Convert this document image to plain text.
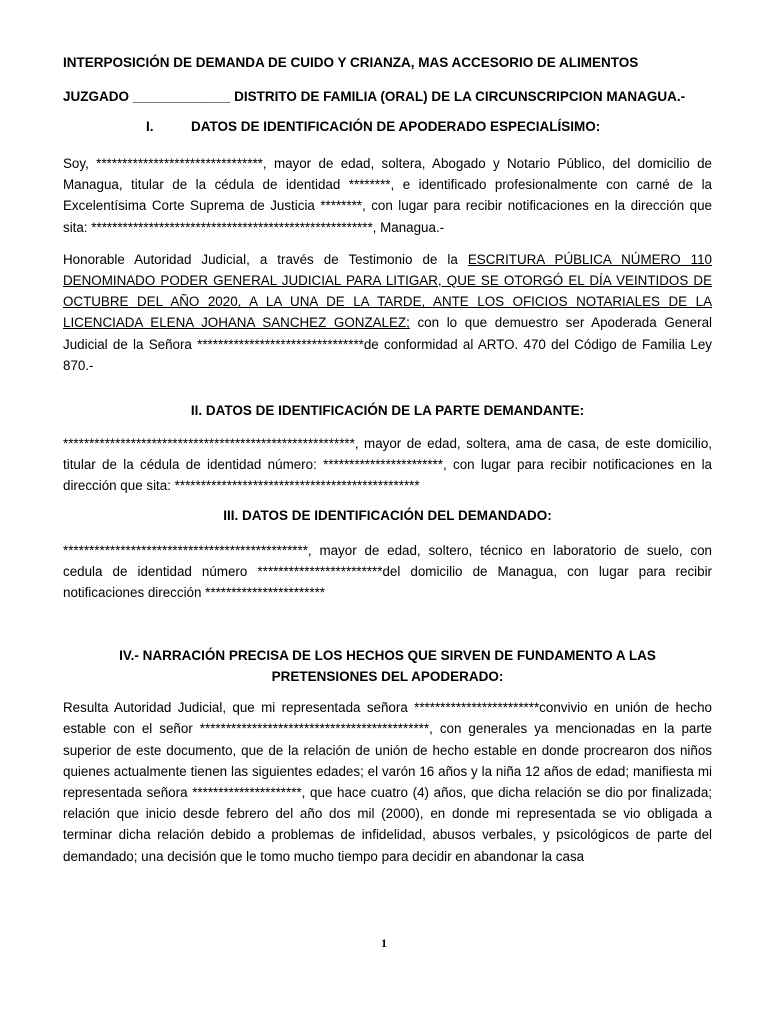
INTERPOSICIÓN DE DEMANDA DE CUIDO Y CRIANZA, MAS ACCESORIO DE ALIMENTOS

JUZGADO _____________ DISTRITO DE FAMILIA (ORAL) DE LA CIRCUNSCRIPCION MANAGUA.-

I.	DATOS DE IDENTIFICACIÓN DE APODERADO ESPECIALÍSIMO:

Soy, ********************************, mayor de edad, soltera, Abogado y Notario Público, del domicilio de Managua, titular de la cédula de identidad ********, e identificado profesionalmente con carné de la Excelentísima Corte Suprema de Justicia ********, con lugar para recibir notificaciones en la dirección que sita: ******************************************************, Managua.-

Honorable Autoridad Judicial, a través de Testimonio de la ESCRITURA PÚBLICA NÚMERO 110 DENOMINADO PODER GENERAL JUDICIAL PARA LITIGAR, QUE SE OTORGÓ EL DÍA VEINTIDOS DE OCTUBRE DEL AÑO 2020, A LA UNA DE LA TARDE, ANTE LOS OFICIOS NOTARIALES DE LA LICENCIADA ELENA JOHANA SANCHEZ GONZALEZ; con lo que demuestro ser Apoderada General Judicial de la Señora ********************************de conformidad al ARTO. 470 del Código de Familia Ley 870.-

II. DATOS DE IDENTIFICACIÓN DE LA PARTE DEMANDANTE:

********************************************************, mayor de edad, soltera, ama de casa, de este domicilio, titular de la cédula de identidad número: ***********************, con lugar para recibir notificaciones en la dirección que sita: ***********************************************

III. DATOS DE IDENTIFICACIÓN DEL DEMANDADO:

***********************************************, mayor de edad, soltero, técnico en laboratorio de suelo, con cedula de identidad número ************************del domicilio de Managua, con lugar para recibir notificaciones dirección ***********************

IV.- NARRACIÓN PRECISA DE LOS HECHOS QUE SIRVEN DE FUNDAMENTO A LAS

PRETENSIONES DEL APODERADO:

Resulta Autoridad Judicial, que mi representada señora ************************convivio en unión de hecho estable con el señor ********************************************, con generales ya mencionadas en la parte superior de este documento, que de la relación de unión de hecho estable en donde procrearon dos niños quienes actualmente tienen las siguientes edades; el varón 16 años y la niña 12 años de edad; manifiesta mi representada señora *********************, que hace cuatro (4) años, que dicha relación se dio por finalizada; relación que inicio desde febrero del año dos mil (2000), en donde mi representada se vio obligada a terminar dicha relación debido a problemas de infidelidad, abusos verbales, y psicológicos de parte del demandado; una decisión que le tomo mucho tiempo para decidir en abandonar la casa

1
